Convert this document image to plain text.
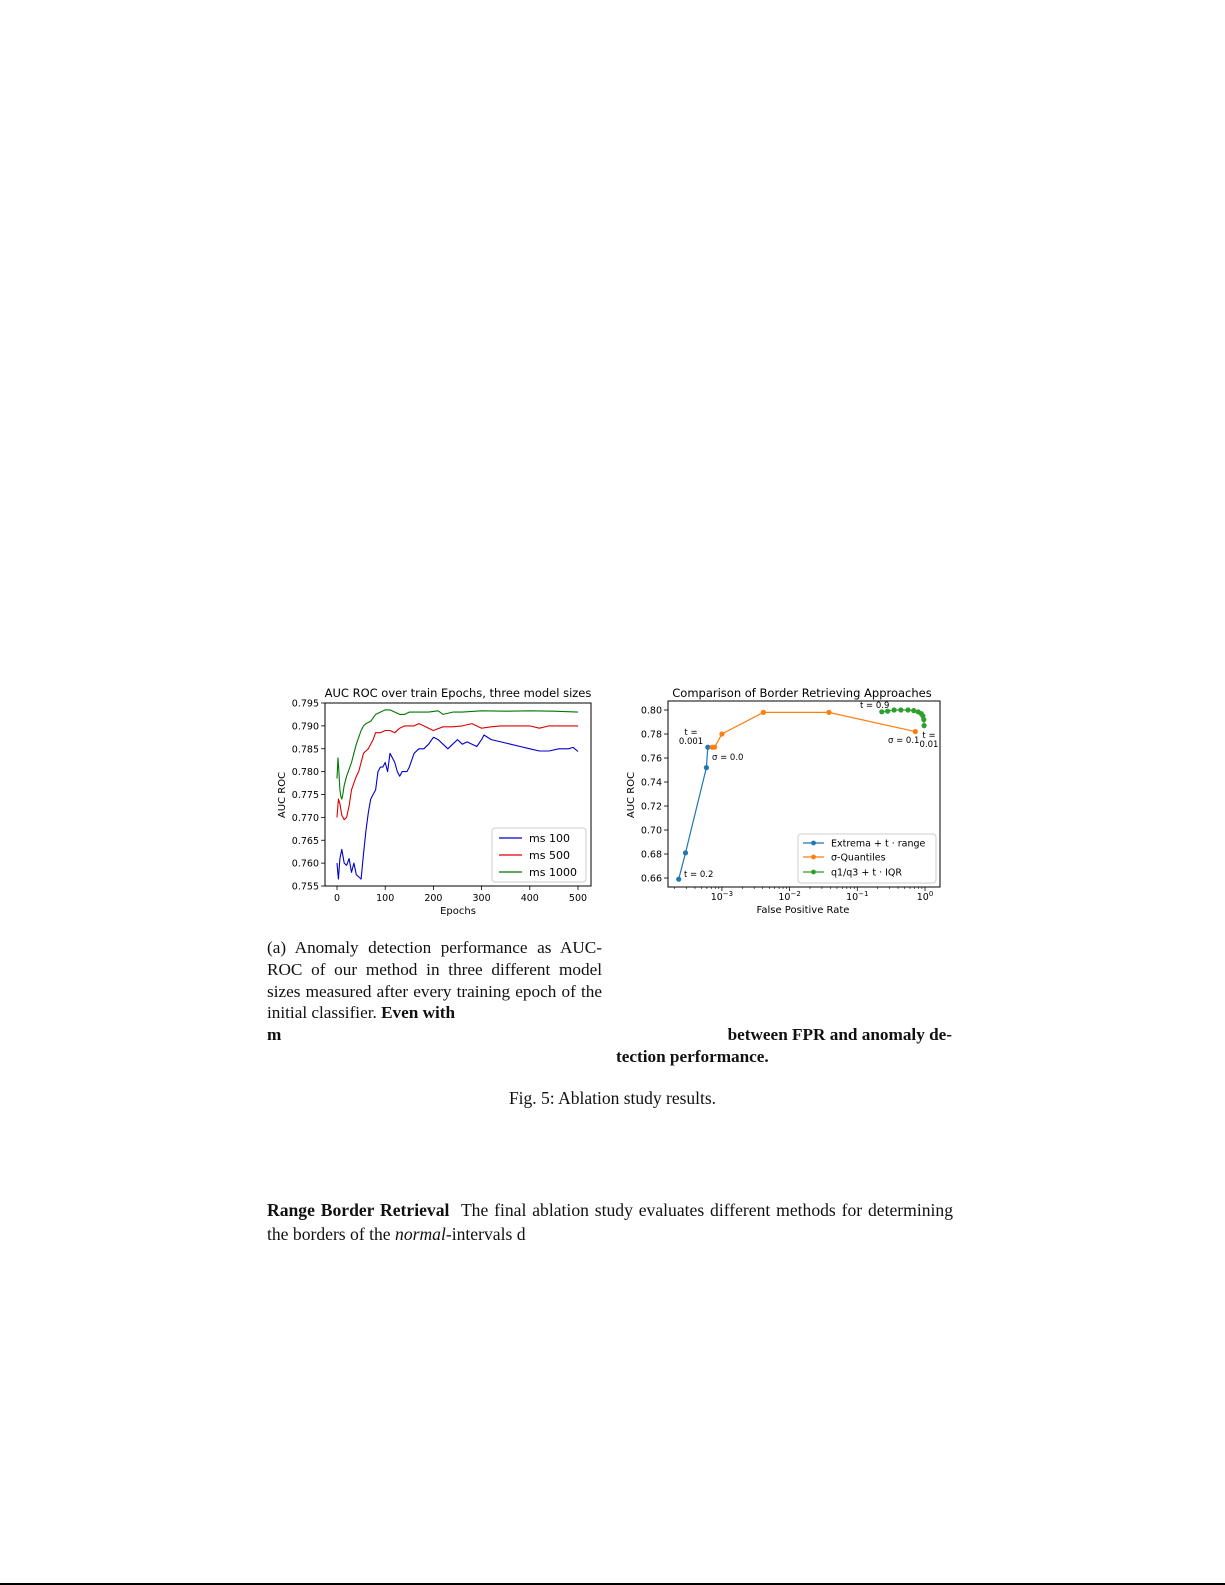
AUC ROC over train Epochs, three model sizes
0.755
0.760
0.765
0.770
0.775
0.780
0.785
0.790
0.795
0	100	200	300	400	500
Epochs
AUC ROC
ms 100
ms 500
ms 1000
Comparison of Border Retrieving Approaches
0.66
0.68
0.70
0.72
0.74
0.76
0.78
0.80
$10^{-3}$	$10^{-2}$	$10^{-1}$	$10^0$
t = 0.2
t =
0.001
σ = 0.0
t = 0.9
σ = 0.1 t =
0.01
False Positive Rate
AUC ROC
Extrema + t · range
σ-Quantiles
q1/q3 + t · IQR
(a) Anomaly detection performance as AUC-ROC of our method in three different model sizes measured after every training epoch of the initial classifier. Even with
m	between FPR and anomaly de-
tection performance.
Fig. 5: Ablation study results.
Range Border Retrieval The final ablation study evaluates different methods for determining the borders of the normal-intervals d
